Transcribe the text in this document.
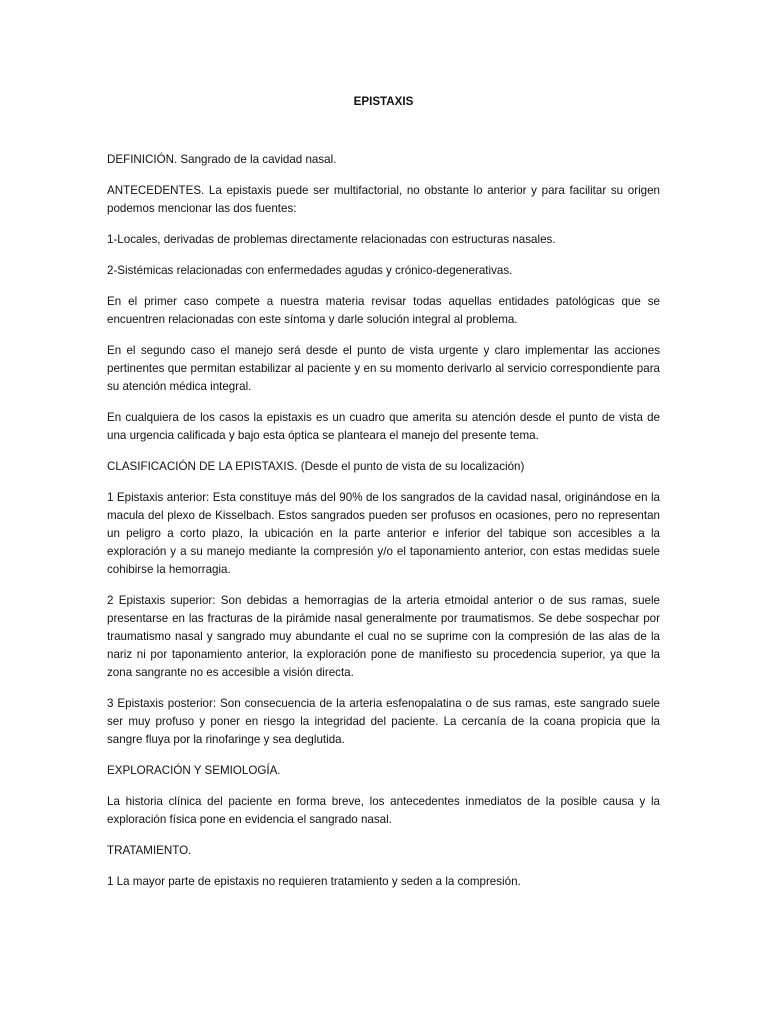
EPISTAXIS

DEFINICIÓN. Sangrado de la cavidad nasal.

ANTECEDENTES. La epistaxis puede ser multifactorial, no obstante lo anterior y para facilitar su origen podemos mencionar las dos fuentes:

1-Locales, derivadas de problemas directamente relacionadas con estructuras nasales.

2-Sistémicas relacionadas con enfermedades agudas y crónico-degenerativas.

En el primer caso compete a nuestra materia revisar todas aquellas entidades patológicas que se encuentren relacionadas con este síntoma y darle solución integral al problema.

En el segundo caso el manejo será desde el punto de vista urgente y claro implementar las acciones pertinentes que permitan estabilizar al paciente y en su momento derivarlo al servicio correspondiente para su atención médica integral.

En cualquiera de los casos la epistaxis es un cuadro que amerita su atención desde el punto de vista de una urgencia calificada y bajo esta óptica se planteara el manejo del presente tema.

CLASIFICACIÓN DE LA EPISTAXIS. (Desde el punto de vista de su localización)

1 Epistaxis anterior: Esta constituye más del 90% de los sangrados de la cavidad nasal, originándose en la macula del plexo de Kisselbach. Estos sangrados pueden ser profusos en ocasiones, pero no representan un peligro a corto plazo, la ubicación en la parte anterior e inferior del tabique son accesibles a la exploración y a su manejo mediante la compresión y/o el taponamiento anterior, con estas medidas suele cohibirse la hemorragia.

2 Epistaxis superior: Son debidas a hemorragias de la arteria etmoidal anterior o de sus ramas, suele presentarse en las fracturas de la pirámide nasal generalmente por traumatismos. Se debe sospechar por traumatismo nasal y sangrado muy abundante el cual no se suprime con la compresión de las alas de la nariz ni por taponamiento anterior, la exploración pone de manifiesto su procedencia superior, ya que la zona sangrante no es accesible a visión directa.

3 Epistaxis posterior: Son consecuencia de la arteria esfenopalatina o de sus ramas, este sangrado suele ser muy profuso y poner en riesgo la integridad del paciente. La cercanía de la coana propicia que la sangre fluya por la rinofaringe y sea deglutida.

EXPLORACIÓN Y SEMIOLOGÍA.

La historia clínica del paciente en forma breve, los antecedentes inmediatos de la posible causa y la exploración física pone en evidencia el sangrado nasal.

TRATAMIENTO.

1 La mayor parte de epistaxis no requieren tratamiento y seden a la compresión.
